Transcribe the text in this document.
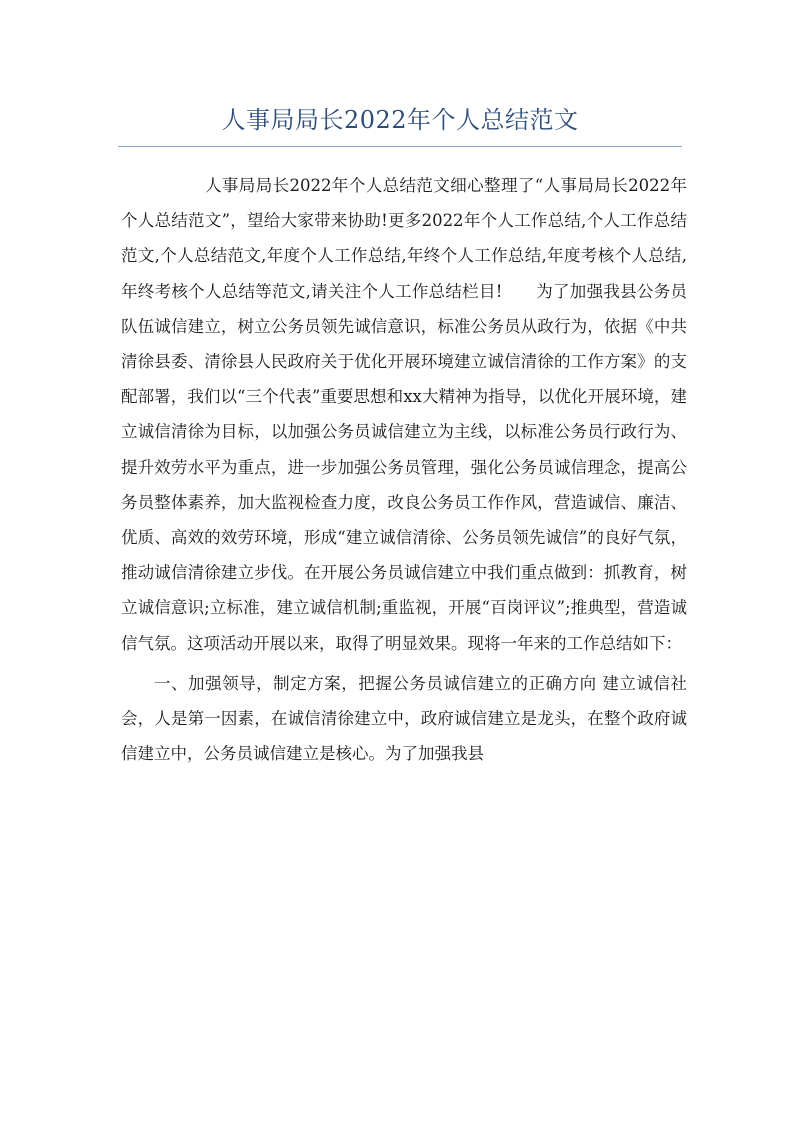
人事局局长2022年个人总结范文

人事局局长2022年个人总结范文细心整理了“人事局局长2022年个人总结范文”，望给大家带来协助!更多2022年个人工作总结,个人工作总结范文,个人总结范文,年度个人工作总结,年终个人工作总结,年度考核个人总结,年终考核个人总结等范文,请关注个人工作总结栏目!　　为了加强我县公务员队伍诚信建立，树立公务员领先诚信意识，标准公务员从政行为，依据《中共清徐县委、清徐县人民政府关于优化开展环境建立诚信清徐的工作方案》的支配部署，我们以“三个代表”重要思想和xx大精神为指导，以优化开展环境，建立诚信清徐为目标，以加强公务员诚信建立为主线，以标准公务员行政行为、提升效劳水平为重点，进一步加强公务员管理，强化公务员诚信理念，提高公务员整体素养，加大监视检查力度，改良公务员工作作风，营造诚信、廉洁、优质、高效的效劳环境，形成“建立诚信清徐、公务员领先诚信”的良好气氛，推动诚信清徐建立步伐。在开展公务员诚信建立中我们重点做到：抓教育，树立诚信意识;立标准，建立诚信机制;重监视，开展“百岗评议”;推典型，营造诚信气氛。这项活动开展以来，取得了明显效果。现将一年来的工作总结如下：

一、加强领导，制定方案，把握公务员诚信建立的正确方向 建立诚信社会，人是第一因素，在诚信清徐建立中，政府诚信建立是龙头，在整个政府诚信建立中，公务员诚信建立是核心。为了加强我县
